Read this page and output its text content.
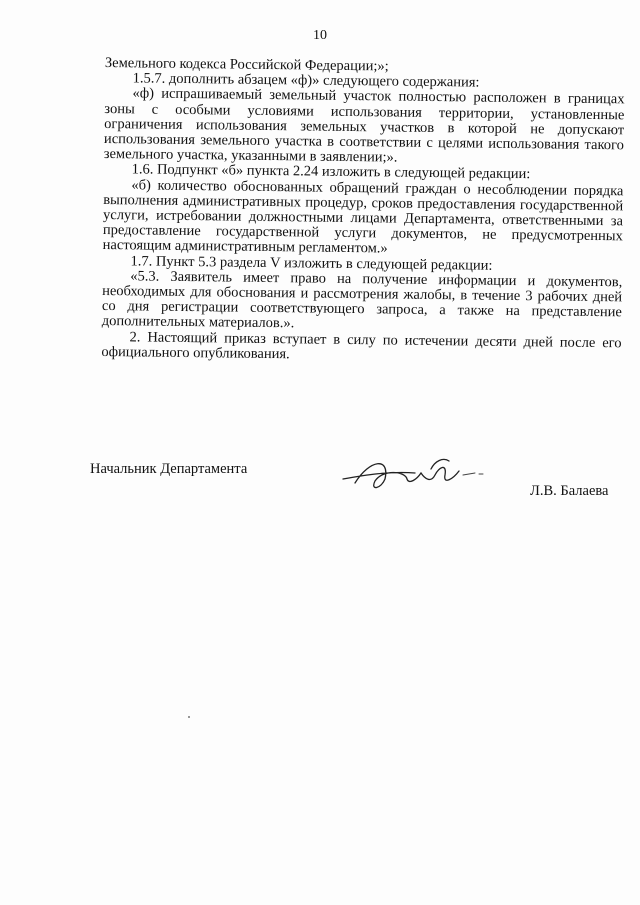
10

Земельного кодекса Российской Федерации;»;

1.5.7. дополнить абзацем «ф)» следующего содержания:

«ф) испрашиваемый земельный участок полностью расположен в границах зоны с особыми условиями использования территории, установленные ограничения использования земельных участков в которой не допускают использования земельного участка в соответствии с целями использования такого земельного участка, указанными в заявлении;».

1.6. Подпункт «б» пункта 2.24 изложить в следующей редакции:

«б) количество обоснованных обращений граждан о несоблюдении порядка выполнения административных процедур, сроков предоставления государственной услуги, истребовании должностными лицами Департамента, ответственными за предоставление государственной услуги документов, не предусмотренных настоящим административным регламентом.»

1.7. Пункт 5.3 раздела V изложить в следующей редакции:

«5.3. Заявитель имеет право на получение информации и документов, необходимых для обоснования и рассмотрения жалобы, в течение 3 рабочих дней со дня регистрации соответствующего запроса, а также на представление дополнительных материалов.».

2. Настоящий приказ вступает в силу по истечении десяти дней после его официального опубликования.

Начальник Департамента
Л.В. Балаева
